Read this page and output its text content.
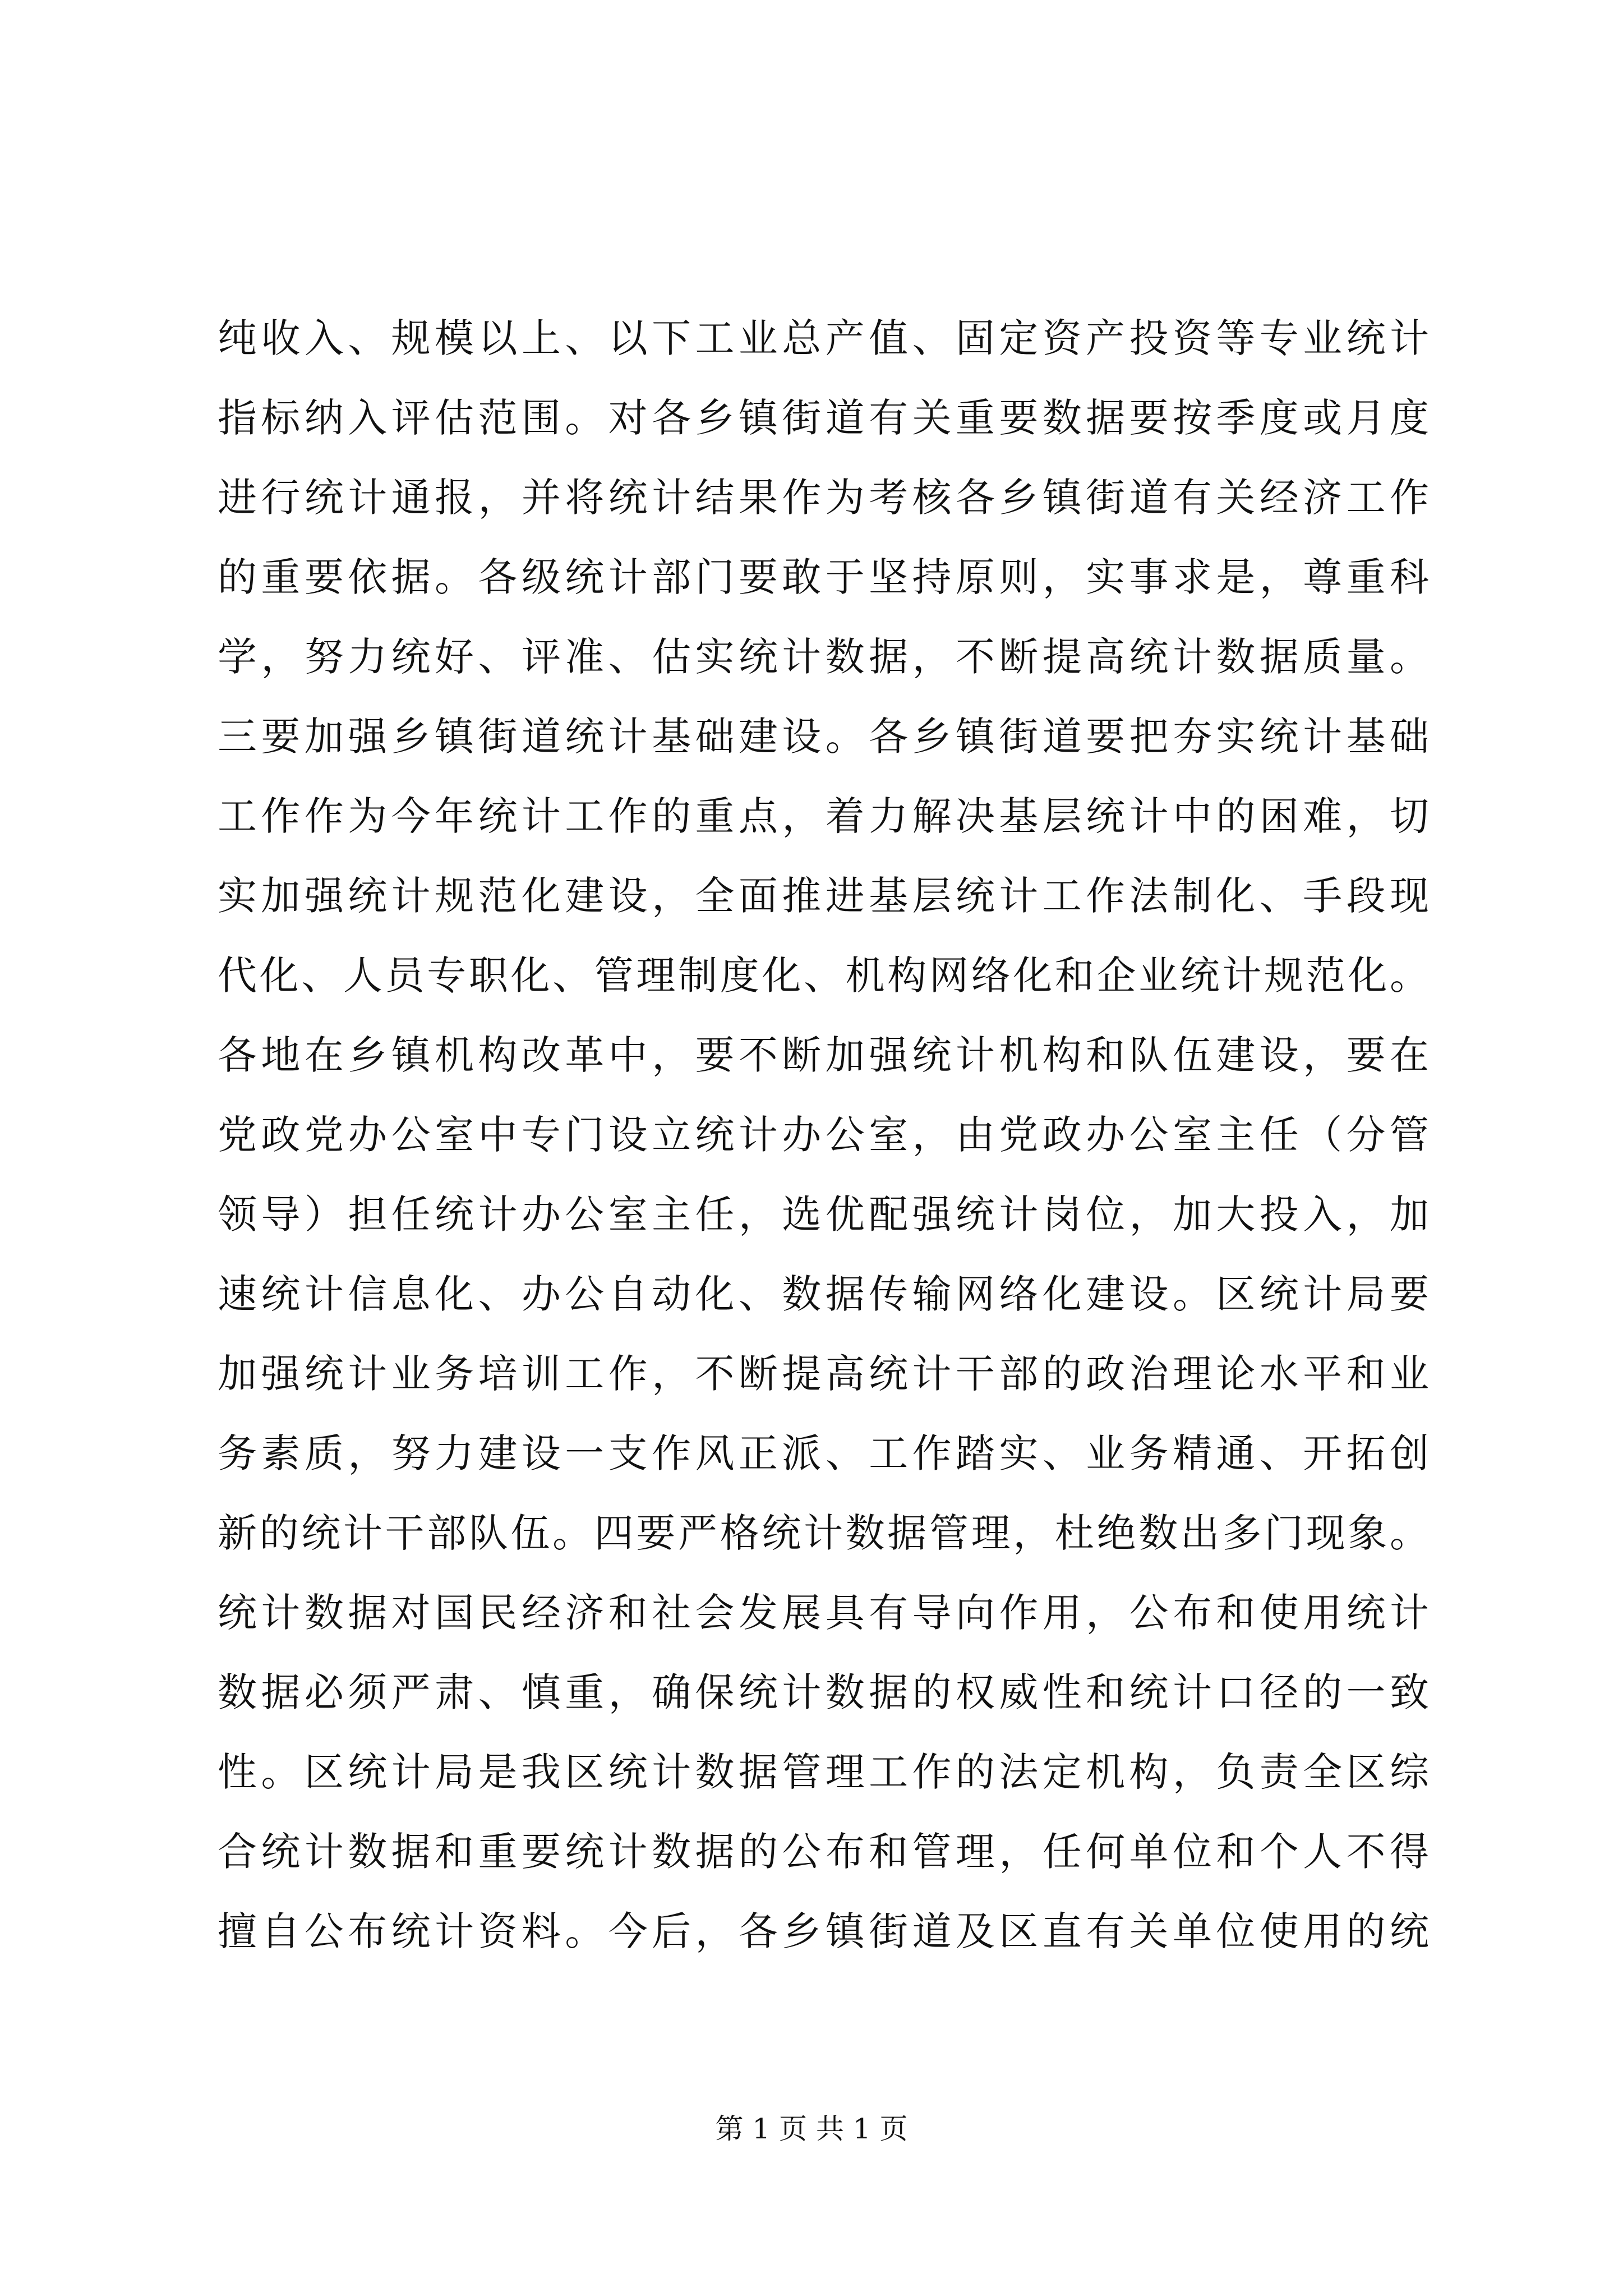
纯收入、规模以上、以下工业总产值、固定资产投资等专业统计
指标纳入评估范围。对各乡镇街道有关重要数据要按季度或月度
进行统计通报，并将统计结果作为考核各乡镇街道有关经济工作
的重要依据。各级统计部门要敢于坚持原则，实事求是，尊重科
学，努力统好、评准、估实统计数据，不断提高统计数据质量。
三要加强乡镇街道统计基础建设。各乡镇街道要把夯实统计基础
工作作为今年统计工作的重点，着力解决基层统计中的困难，切
实加强统计规范化建设，全面推进基层统计工作法制化、手段现
代化、人员专职化、管理制度化、机构网络化和企业统计规范化。
各地在乡镇机构改革中，要不断加强统计机构和队伍建设，要在
党政党办公室中专门设立统计办公室，由党政办公室主任（分管
领导）担任统计办公室主任，选优配强统计岗位，加大投入，加
速统计信息化、办公自动化、数据传输网络化建设。区统计局要
加强统计业务培训工作，不断提高统计干部的政治理论水平和业
务素质，努力建设一支作风正派、工作踏实、业务精通、开拓创
新的统计干部队伍。四要严格统计数据管理，杜绝数出多门现象。
统计数据对国民经济和社会发展具有导向作用，公布和使用统计
数据必须严肃、慎重，确保统计数据的权威性和统计口径的一致
性。区统计局是我区统计数据管理工作的法定机构，负责全区综
合统计数据和重要统计数据的公布和管理，任何单位和个人不得
擅自公布统计资料。今后，各乡镇街道及区直有关单位使用的统
第 1 页 共 1 页
